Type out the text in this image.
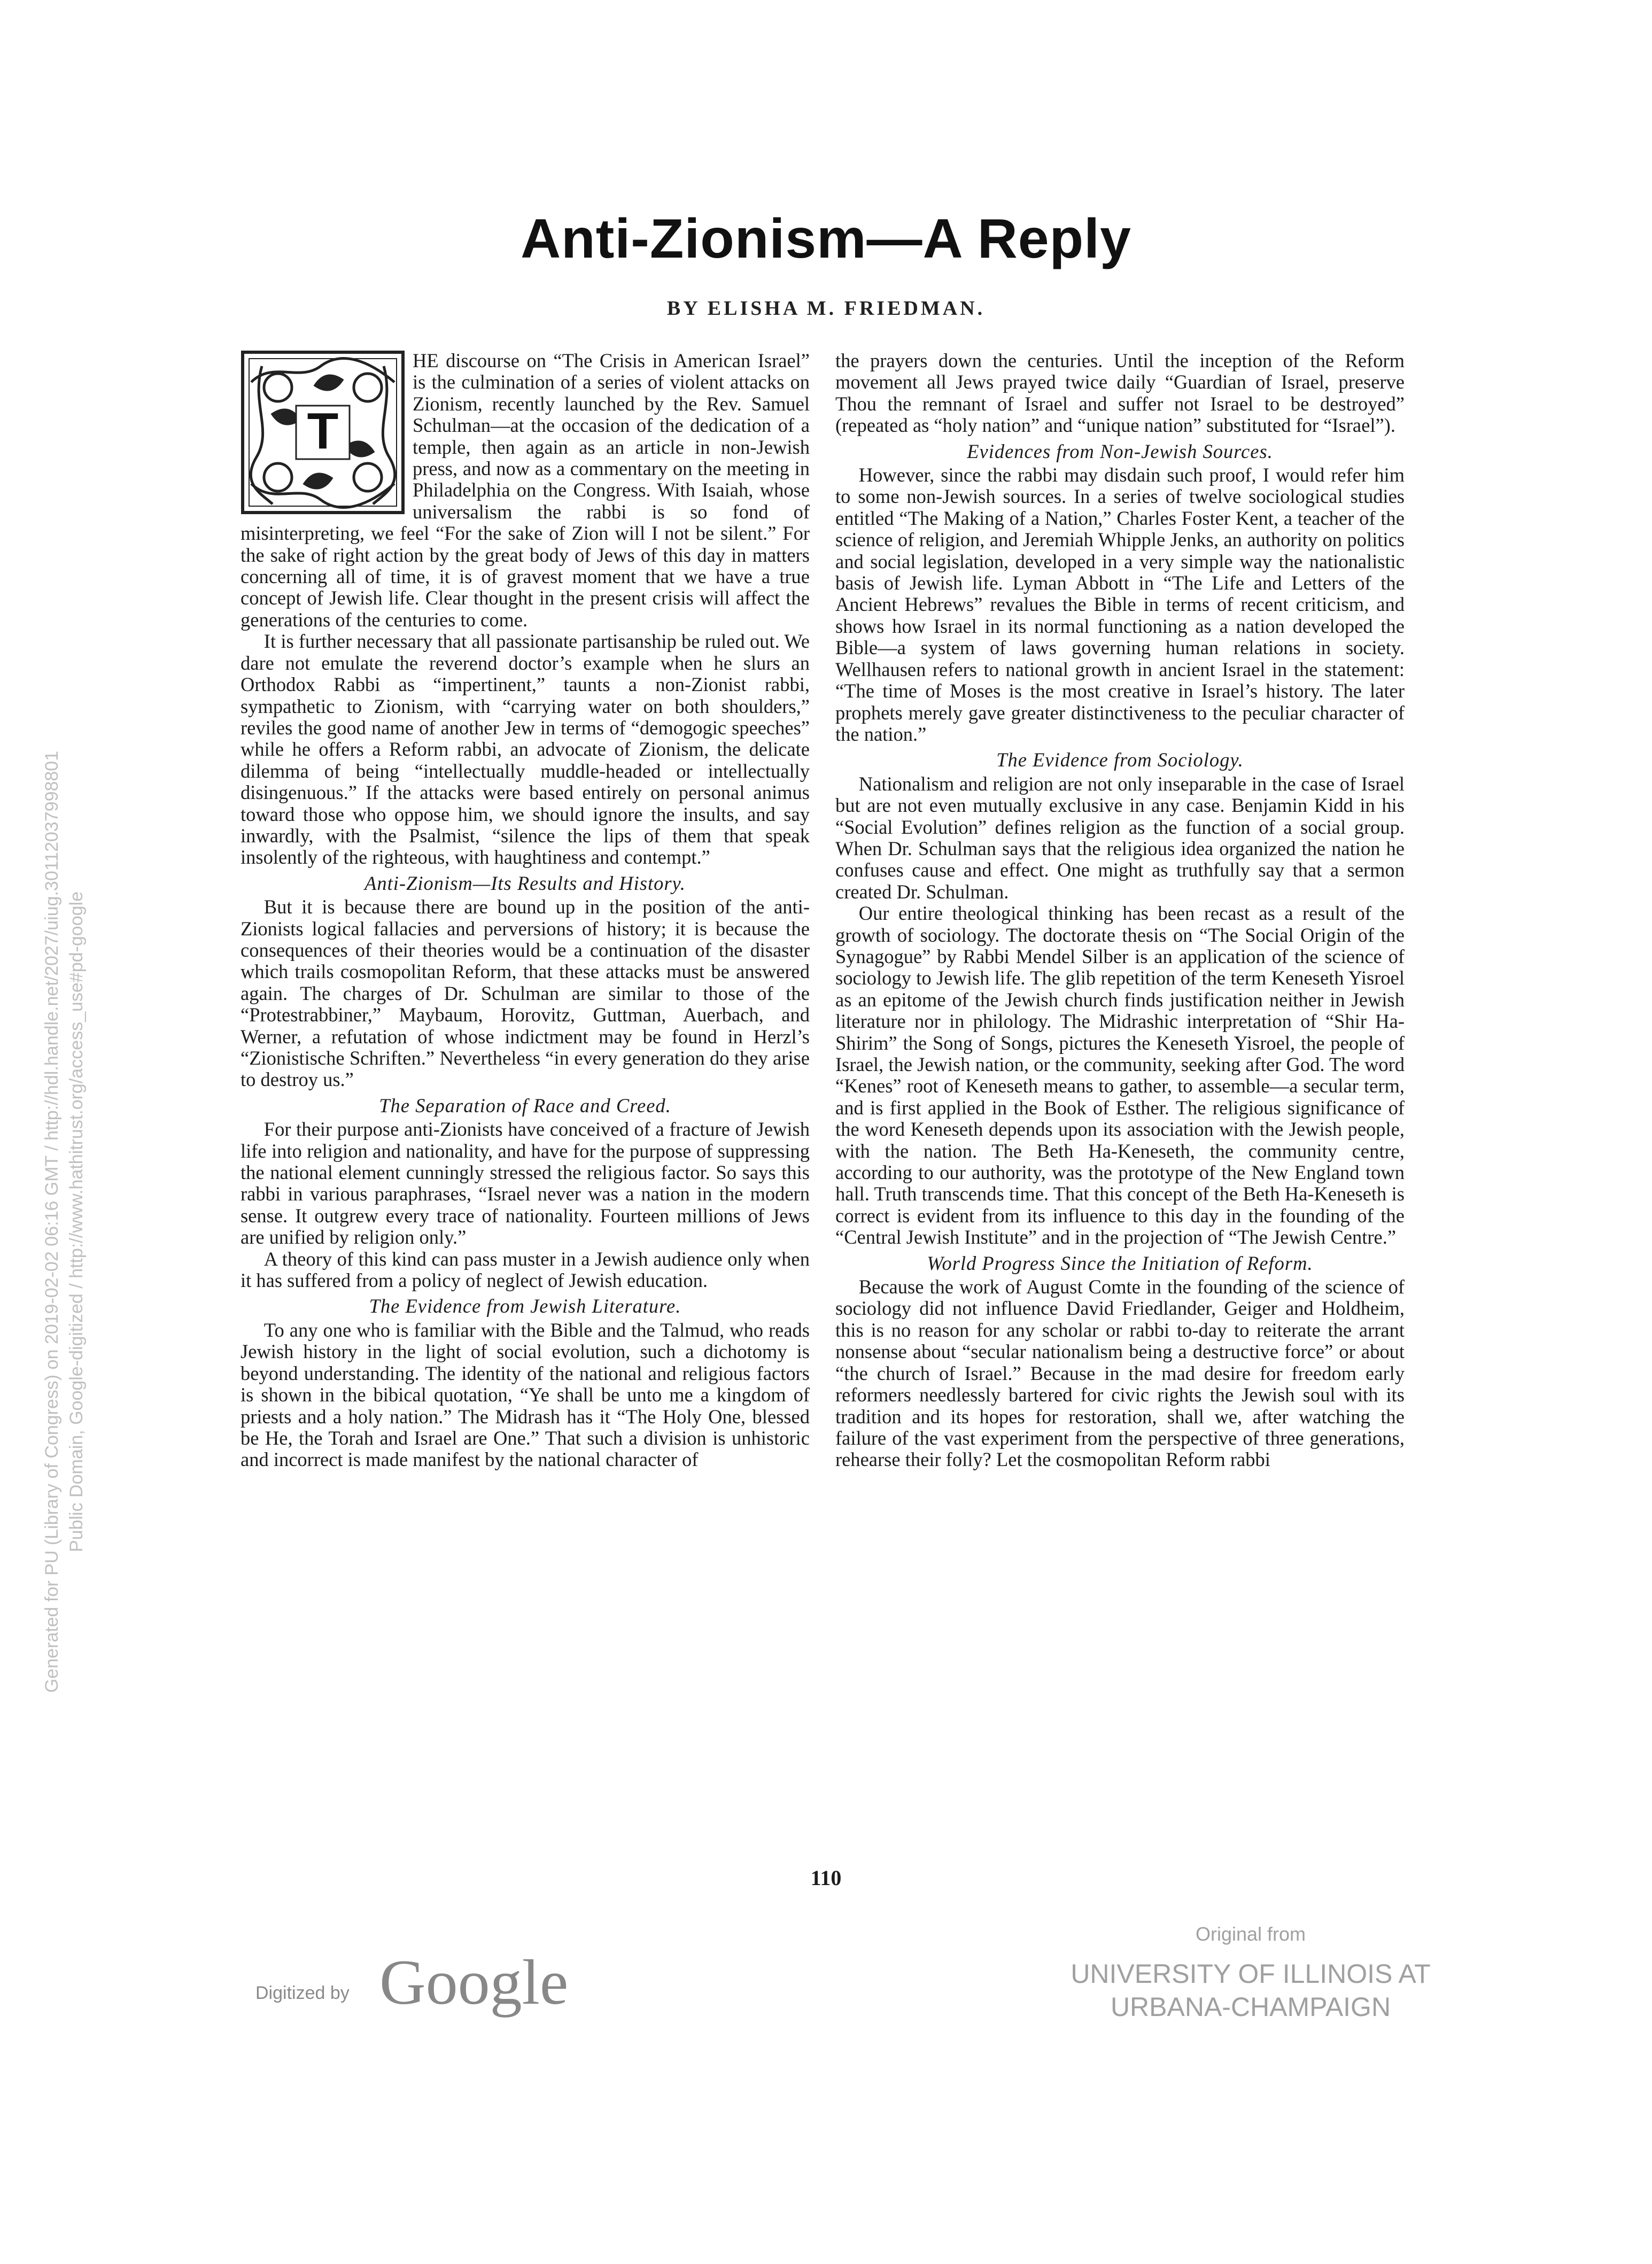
Anti-Zionism—A Reply

BY ELISHA M. FRIEDMAN.

T

HE discourse on “The Crisis in American Israel” is the culmination of a series of violent attacks on Zionism, recently launched by the Rev. Samuel Schulman—at the occasion of the dedication of a temple, then again as an article in non-Jewish press, and now as a commentary on the meeting in Philadelphia on the Congress. With Isaiah, whose universalism the rabbi is so fond of misinterpreting, we feel “For the sake of Zion will I not be silent.” For the sake of right action by the great body of Jews of this day in matters concerning all of time, it is of gravest moment that we have a true concept of Jewish life. Clear thought in the present crisis will affect the generations of the centuries to come.

It is further necessary that all passionate partisanship be ruled out. We dare not emulate the reverend doctor’s example when he slurs an Orthodox Rabbi as “impertinent,” taunts a non-Zionist rabbi, sympathetic to Zionism, with “carrying water on both shoulders,” reviles the good name of another Jew in terms of “demogogic speeches” while he offers a Reform rabbi, an advocate of Zionism, the delicate dilemma of being “intellectually muddle-headed or intellectually disingenuous.” If the attacks were based entirely on personal animus toward those who oppose him, we should ignore the insults, and say inwardly, with the Psalmist, “silence the lips of them that speak insolently of the righteous, with haughtiness and contempt.”

Anti-Zionism—Its Results and History.

But it is because there are bound up in the position of the anti-Zionists logical fallacies and perversions of history; it is because the consequences of their theories would be a continuation of the disaster which trails cosmopolitan Reform, that these attacks must be answered again. The charges of Dr. Schulman are similar to those of the “Protestrabbiner,” Maybaum, Horovitz, Guttman, Auerbach, and Werner, a refutation of whose indictment may be found in Herzl’s “Zionistische Schriften.” Nevertheless “in every generation do they arise to destroy us.”

The Separation of Race and Creed.

For their purpose anti-Zionists have conceived of a fracture of Jewish life into religion and nationality, and have for the purpose of suppressing the national element cunningly stressed the religious factor. So says this rabbi in various paraphrases, “Israel never was a nation in the modern sense. It outgrew every trace of nationality. Fourteen millions of Jews are unified by religion only.”

A theory of this kind can pass muster in a Jewish audience only when it has suffered from a policy of neglect of Jewish education.

The Evidence from Jewish Literature.

To any one who is familiar with the Bible and the Talmud, who reads Jewish history in the light of social evolution, such a dichotomy is beyond understanding. The identity of the national and religious factors is shown in the bibical quotation, “Ye shall be unto me a kingdom of priests and a holy nation.” The Midrash has it “The Holy One, blessed be He, the Torah and Israel are One.” That such a division is unhistoric and incorrect is made manifest by the national character of

the prayers down the centuries. Until the inception of the Reform movement all Jews prayed twice daily “Guardian of Israel, preserve Thou the remnant of Israel and suffer not Israel to be destroyed” (repeated as “holy nation” and “unique nation” substituted for “Israel”).

Evidences from Non-Jewish Sources.

However, since the rabbi may disdain such proof, I would refer him to some non-Jewish sources. In a series of twelve sociological studies entitled “The Making of a Nation,” Charles Foster Kent, a teacher of the science of religion, and Jeremiah Whipple Jenks, an authority on politics and social legislation, developed in a very simple way the nationalistic basis of Jewish life. Lyman Abbott in “The Life and Letters of the Ancient Hebrews” revalues the Bible in terms of recent criticism, and shows how Israel in its normal functioning as a nation developed the Bible—a system of laws governing human relations in society. Wellhausen refers to national growth in ancient Israel in the statement: “The time of Moses is the most creative in Israel’s history. The later prophets merely gave greater distinctiveness to the peculiar character of the nation.”

The Evidence from Sociology.

Nationalism and religion are not only inseparable in the case of Israel but are not even mutually exclusive in any case. Benjamin Kidd in his “Social Evolution” defines religion as the function of a social group. When Dr. Schulman says that the religious idea organized the nation he confuses cause and effect. One might as truthfully say that a sermon created Dr. Schulman.

Our entire theological thinking has been recast as a result of the growth of sociology. The doctorate thesis on “The Social Origin of the Synagogue” by Rabbi Mendel Silber is an application of the science of sociology to Jewish life. The glib repetition of the term Keneseth Yisroel as an epitome of the Jewish church finds justification neither in Jewish literature nor in philology. The Midrashic interpretation of “Shir Ha-Shirim” the Song of Songs, pictures the Keneseth Yisroel, the people of Israel, the Jewish nation, or the community, seeking after God. The word “Kenes” root of Keneseth means to gather, to assemble—a secular term, and is first applied in the Book of Esther. The religious significance of the word Keneseth depends upon its association with the Jewish people, with the nation. The Beth Ha-Keneseth, the community centre, according to our authority, was the prototype of the New England town hall. Truth transcends time. That this concept of the Beth Ha-Keneseth is correct is evident from its influence to this day in the founding of the “Central Jewish Institute” and in the projection of “The Jewish Centre.”

World Progress Since the Initiation of Reform.

Because the work of August Comte in the founding of the science of sociology did not influence David Friedlander, Geiger and Holdheim, this is no reason for any scholar or rabbi to-day to reiterate the arrant nonsense about “secular nationalism being a destructive force” or about “the church of Israel.” Because in the mad desire for freedom early reformers needlessly bartered for civic rights the Jewish soul with its tradition and its hopes for restoration, shall we, after watching the failure of the vast experiment from the perspective of three generations, rehearse their folly? Let the cosmopolitan Reform rabbi

110

Digitized by Google

Original from

UNIVERSITY OF ILLINOIS AT

URBANA-CHAMPAIGN

Generated for PU (Library of Congress) on 2019-02-02 06:16 GMT / http://hdl.handle.net/2027/uiug.30112037998801 Public Domain, Google-digitized / http://www.hathitrust.org/access_use#pd-google
